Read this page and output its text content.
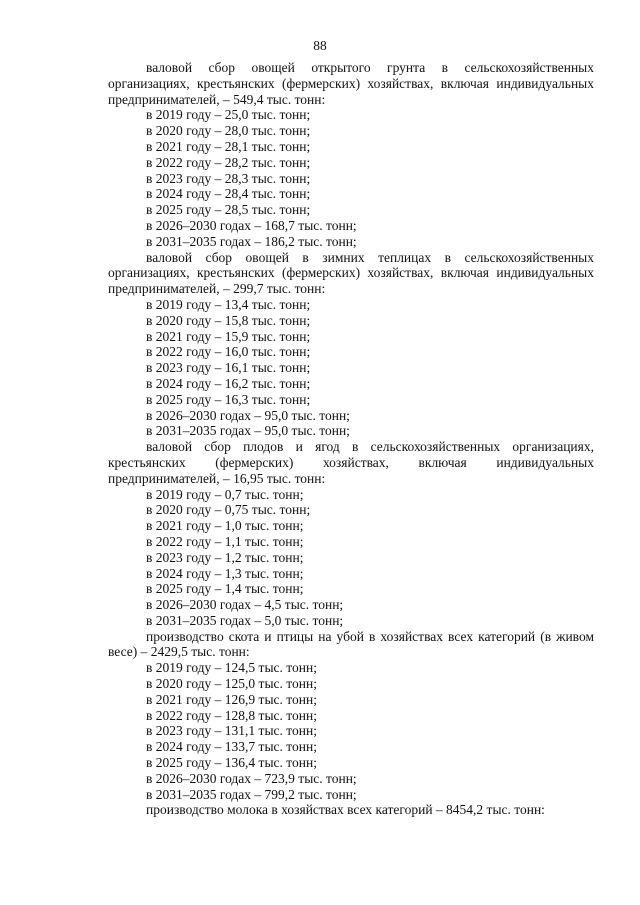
88

валовой сбор овощей открытого грунта в сельскохозяйственных организациях, крестьянских (фермерских) хозяйствах, включая индивидуальных предпринимателей, – 549,4 тыс. тонн:

в 2019 году – 25,0 тыс. тонн;

в 2020 году – 28,0 тыс. тонн;

в 2021 году – 28,1 тыс. тонн;

в 2022 году – 28,2 тыс. тонн;

в 2023 году – 28,3 тыс. тонн;

в 2024 году – 28,4 тыс. тонн;

в 2025 году – 28,5 тыс. тонн;

в 2026–2030 годах – 168,7 тыс. тонн;

в 2031–2035 годах – 186,2 тыс. тонн;

валовой сбор овощей в зимних теплицах в сельскохозяйственных организациях, крестьянских (фермерских) хозяйствах, включая индивидуальных предпринимателей, – 299,7 тыс. тонн:

в 2019 году – 13,4 тыс. тонн;

в 2020 году – 15,8 тыс. тонн;

в 2021 году – 15,9 тыс. тонн;

в 2022 году – 16,0 тыс. тонн;

в 2023 году – 16,1 тыс. тонн;

в 2024 году – 16,2 тыс. тонн;

в 2025 году – 16,3 тыс. тонн;

в 2026–2030 годах – 95,0 тыс. тонн;

в 2031–2035 годах – 95,0 тыс. тонн;

валовой сбор плодов и ягод в сельскохозяйственных организациях, крестьянских (фермерских) хозяйствах, включая индивидуальных предпринимателей, – 16,95 тыс. тонн:

в 2019 году – 0,7 тыс. тонн;

в 2020 году – 0,75 тыс. тонн;

в 2021 году – 1,0 тыс. тонн;

в 2022 году – 1,1 тыс. тонн;

в 2023 году – 1,2 тыс. тонн;

в 2024 году – 1,3 тыс. тонн;

в 2025 году – 1,4 тыс. тонн;

в 2026–2030 годах – 4,5 тыс. тонн;

в 2031–2035 годах – 5,0 тыс. тонн;

производство скота и птицы на убой в хозяйствах всех категорий (в живом весе) – 2429,5 тыс. тонн:

в 2019 году – 124,5 тыс. тонн;

в 2020 году – 125,0 тыс. тонн;

в 2021 году – 126,9 тыс. тонн;

в 2022 году – 128,8 тыс. тонн;

в 2023 году – 131,1 тыс. тонн;

в 2024 году – 133,7 тыс. тонн;

в 2025 году – 136,4 тыс. тонн;

в 2026–2030 годах – 723,9 тыс. тонн;

в 2031–2035 годах – 799,2 тыс. тонн;

производство молока в хозяйствах всех категорий – 8454,2 тыс. тонн:
